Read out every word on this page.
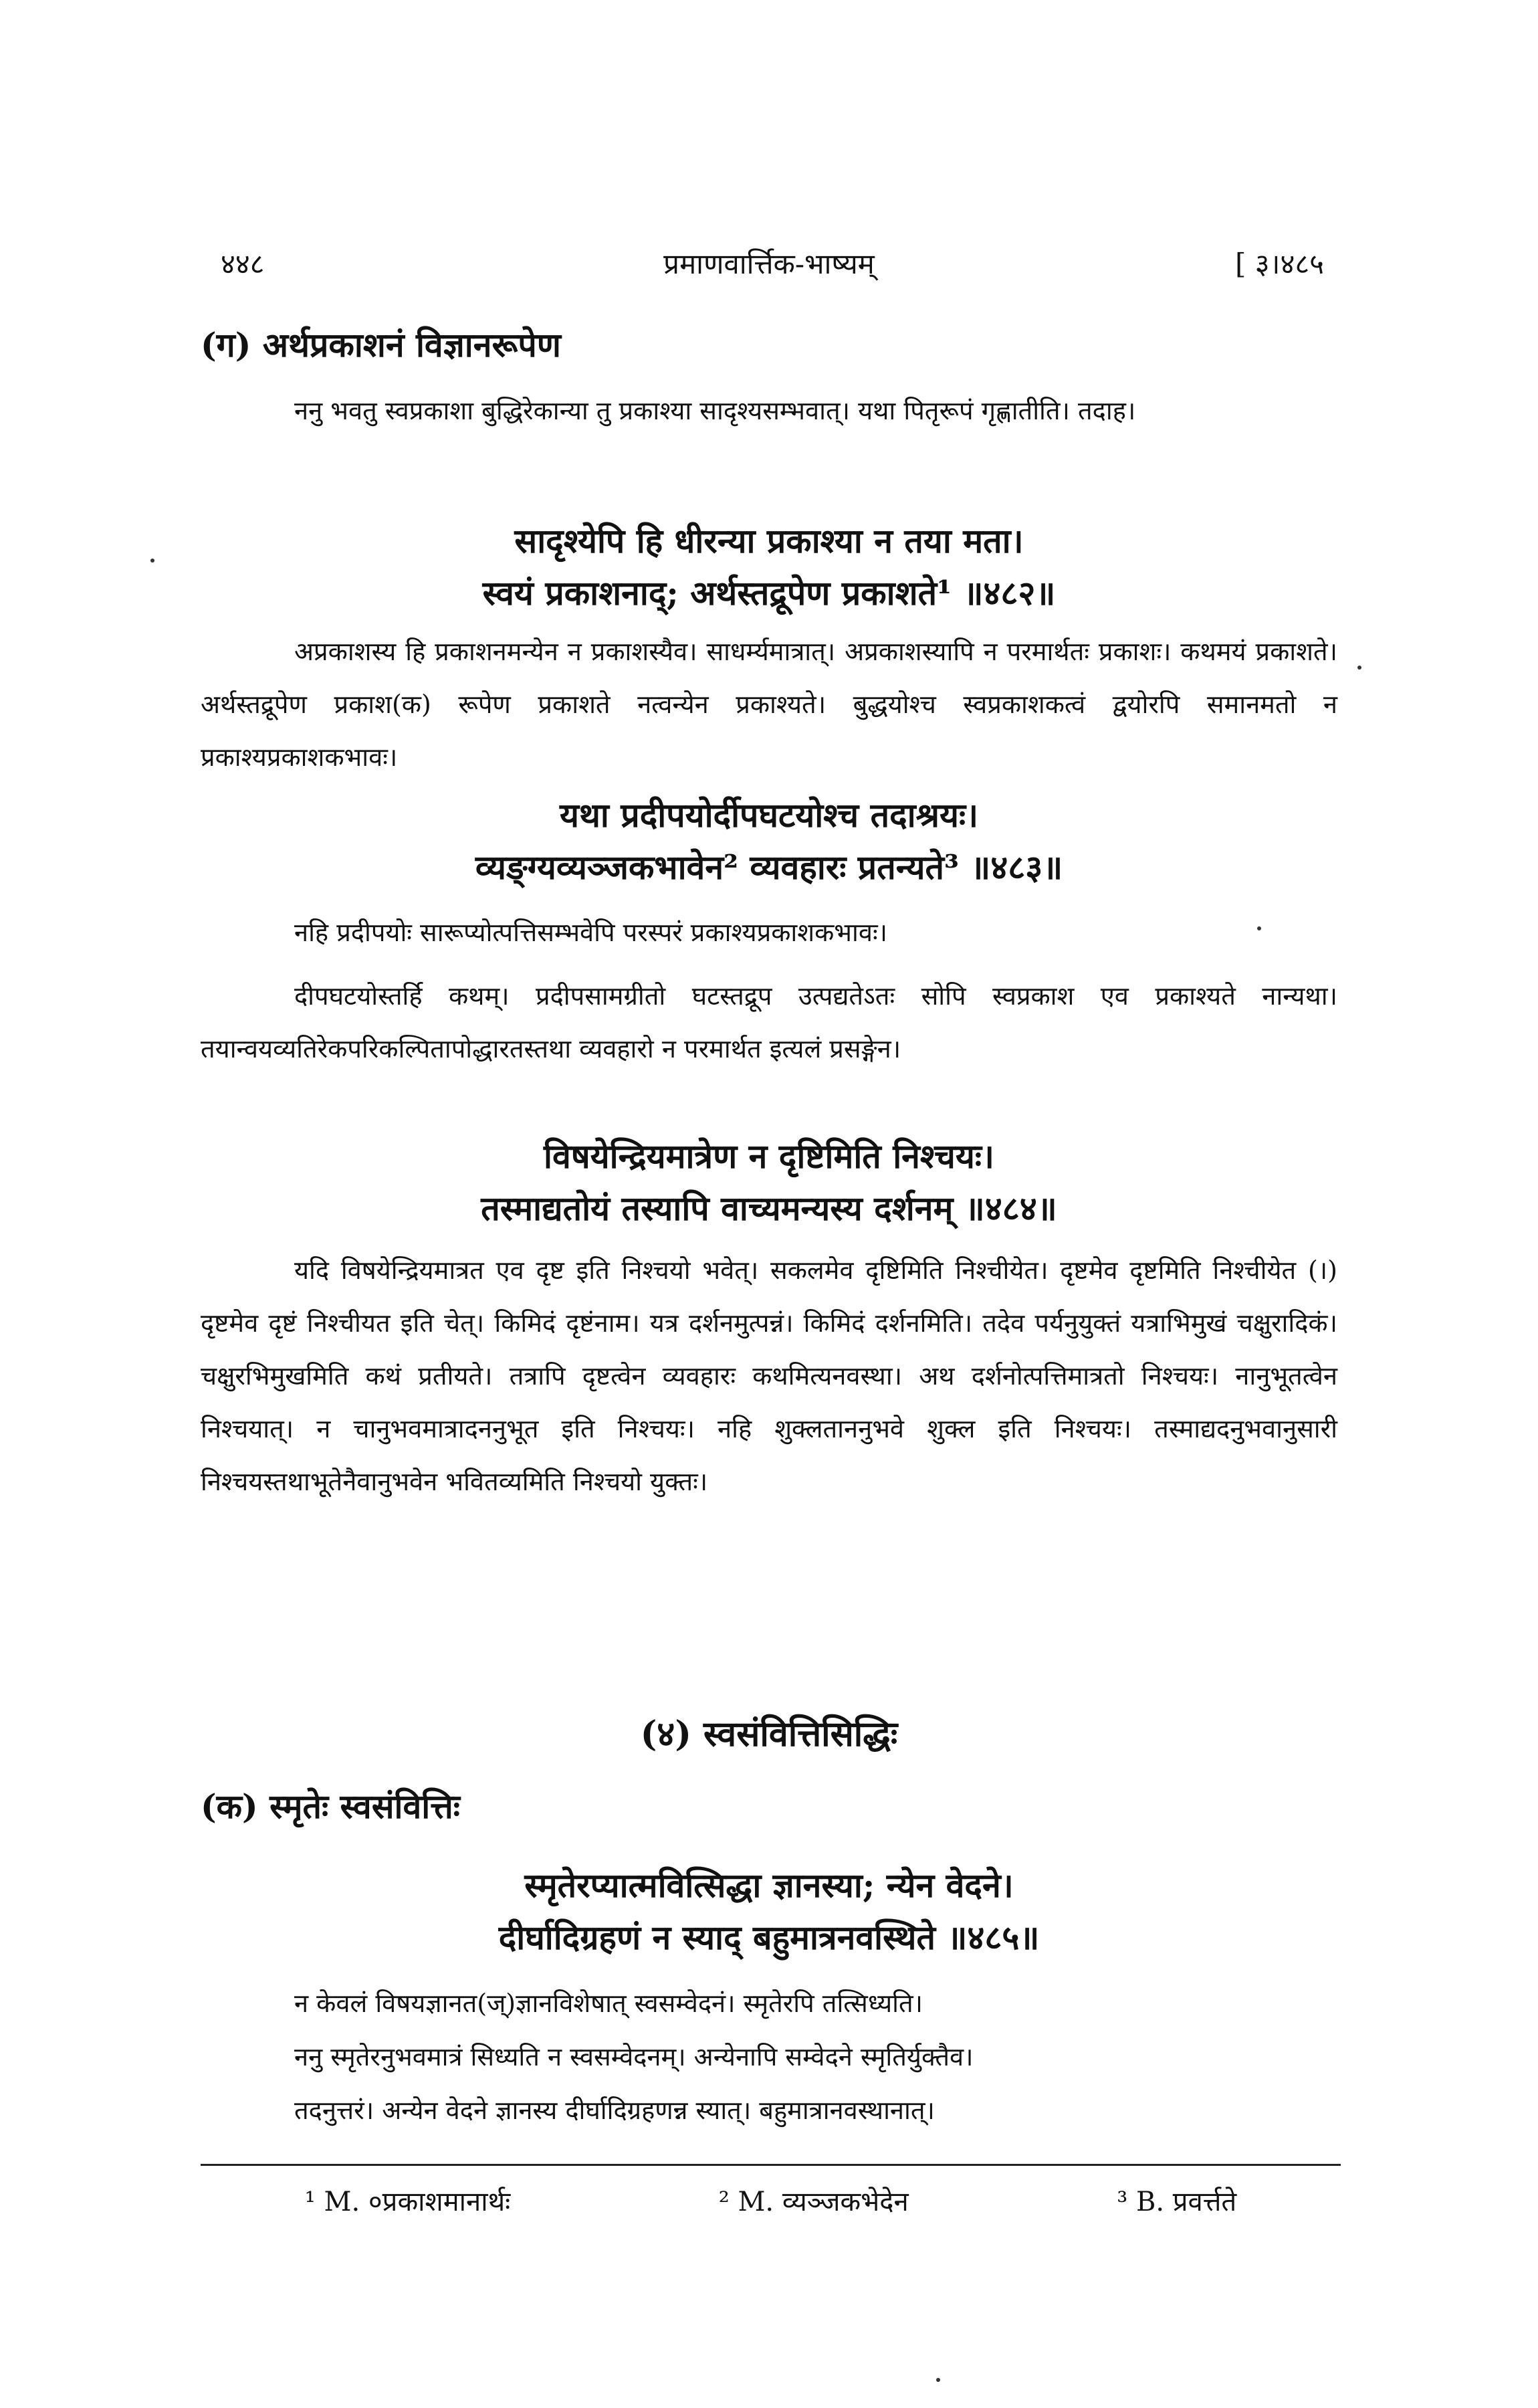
४४८	प्रमाणवार्त्तिक-भाष्यम्	[ ३।४८५
(ग) अर्थप्रकाशनं विज्ञानरूपेण

ननु भवतु स्वप्रकाशा बुद्धिरेकान्या तु प्रकाश्या सादृश्यसम्भवात्। यथा पितृरूपं गृह्णातीति। तदाह।

सादृश्येपि हि धीरन्या प्रकाश्या न तया मता।

स्वयं प्रकाशनाद्; अर्थस्तद्रूपेण प्रकाशते¹ ॥४८२॥

अप्रकाशस्य हि प्रकाशनमन्येन न प्रकाशस्यैव। साधर्म्यमात्रात्। अप्रकाशस्यापि न परमार्थतः प्रकाशः। कथमयं प्रकाशते। अर्थस्तद्रूपेण प्रकाश(क) रूपेण प्रकाशते नत्वन्येन प्रकाश्यते। बुद्धयोश्च स्वप्रकाशकत्वं द्वयोरपि समानमतो न प्रकाश्यप्रकाशकभावः।

यथा प्रदीपयोर्दीपघटयोश्च तदाश्रयः।

व्यङ्ग्यव्यञ्जकभावेन² व्यवहारः प्रतन्यते³ ॥४८३॥

नहि प्रदीपयोः सारूप्योत्पत्तिसम्भवेपि परस्परं प्रकाश्यप्रकाशकभावः।

दीपघटयोस्तर्हि कथम्। प्रदीपसामग्रीतो घटस्तद्रूप उत्पद्यतेऽतः सोपि स्वप्रकाश एव प्रकाश्यते नान्यथा। तयान्वयव्यतिरेकपरिकल्पितापोद्धारतस्तथा व्यवहारो न परमार्थत इत्यलं प्रसङ्गेन।

विषयेन्द्रियमात्रेण न दृष्टिमिति निश्चयः।

तस्माद्यतोयं तस्यापि वाच्यमन्यस्य दर्शनम् ॥४८४॥

यदि विषयेन्द्रियमात्रत एव दृष्ट इति निश्चयो भवेत्। सकलमेव दृष्टिमिति निश्चीयेत। दृष्टमेव दृष्टमिति निश्चीयेत (।) दृष्टमेव दृष्टं निश्चीयत इति चेत्। किमिदं दृष्टंनाम। यत्र दर्शनमुत्पन्नं। किमिदं दर्शनमिति। तदेव पर्यनुयुक्तं यत्राभिमुखं चक्षुरादिकं। चक्षुरभिमुखमिति कथं प्रतीयते। तत्रापि दृष्टत्वेन व्यवहारः कथमित्यनवस्था। अथ दर्शनोत्पत्तिमात्रतो निश्चयः। नानुभूतत्वेन निश्चयात्। न चानुभवमात्रादननुभूत इति निश्चयः। नहि शुक्लताननुभवे शुक्ल इति निश्चयः। तस्माद्यदनुभवानुसारी निश्चयस्तथाभूतेनैवानुभवेन भवितव्यमिति निश्चयो युक्तः।

(४) स्वसंवित्तिसिद्धिः
(क) स्मृतेः स्वसंवित्तिः

स्मृतेरप्यात्मवित्सिद्धा ज्ञानस्या; न्येन वेदने।

दीर्घादिग्रहणं न स्याद् बहुमात्रनवस्थिते ॥४८५॥

न केवलं विषयज्ञानत(ज्)ज्ञानविशेषात् स्वसम्वेदनं। स्मृतेरपि तत्सिध्यति।

ननु स्मृतेरनुभवमात्रं सिध्यति न स्वसम्वेदनम्। अन्येनापि सम्वेदने स्मृतिर्युक्तैव।

तदनुत्तरं। अन्येन वेदने ज्ञानस्य दीर्घादिग्रहणन्न स्यात्। बहुमात्रानवस्थानात्।

¹ M. ०प्रकाशमानार्थः	² M. व्यञ्जकभेदेन	³ B. प्रवर्त्तते
